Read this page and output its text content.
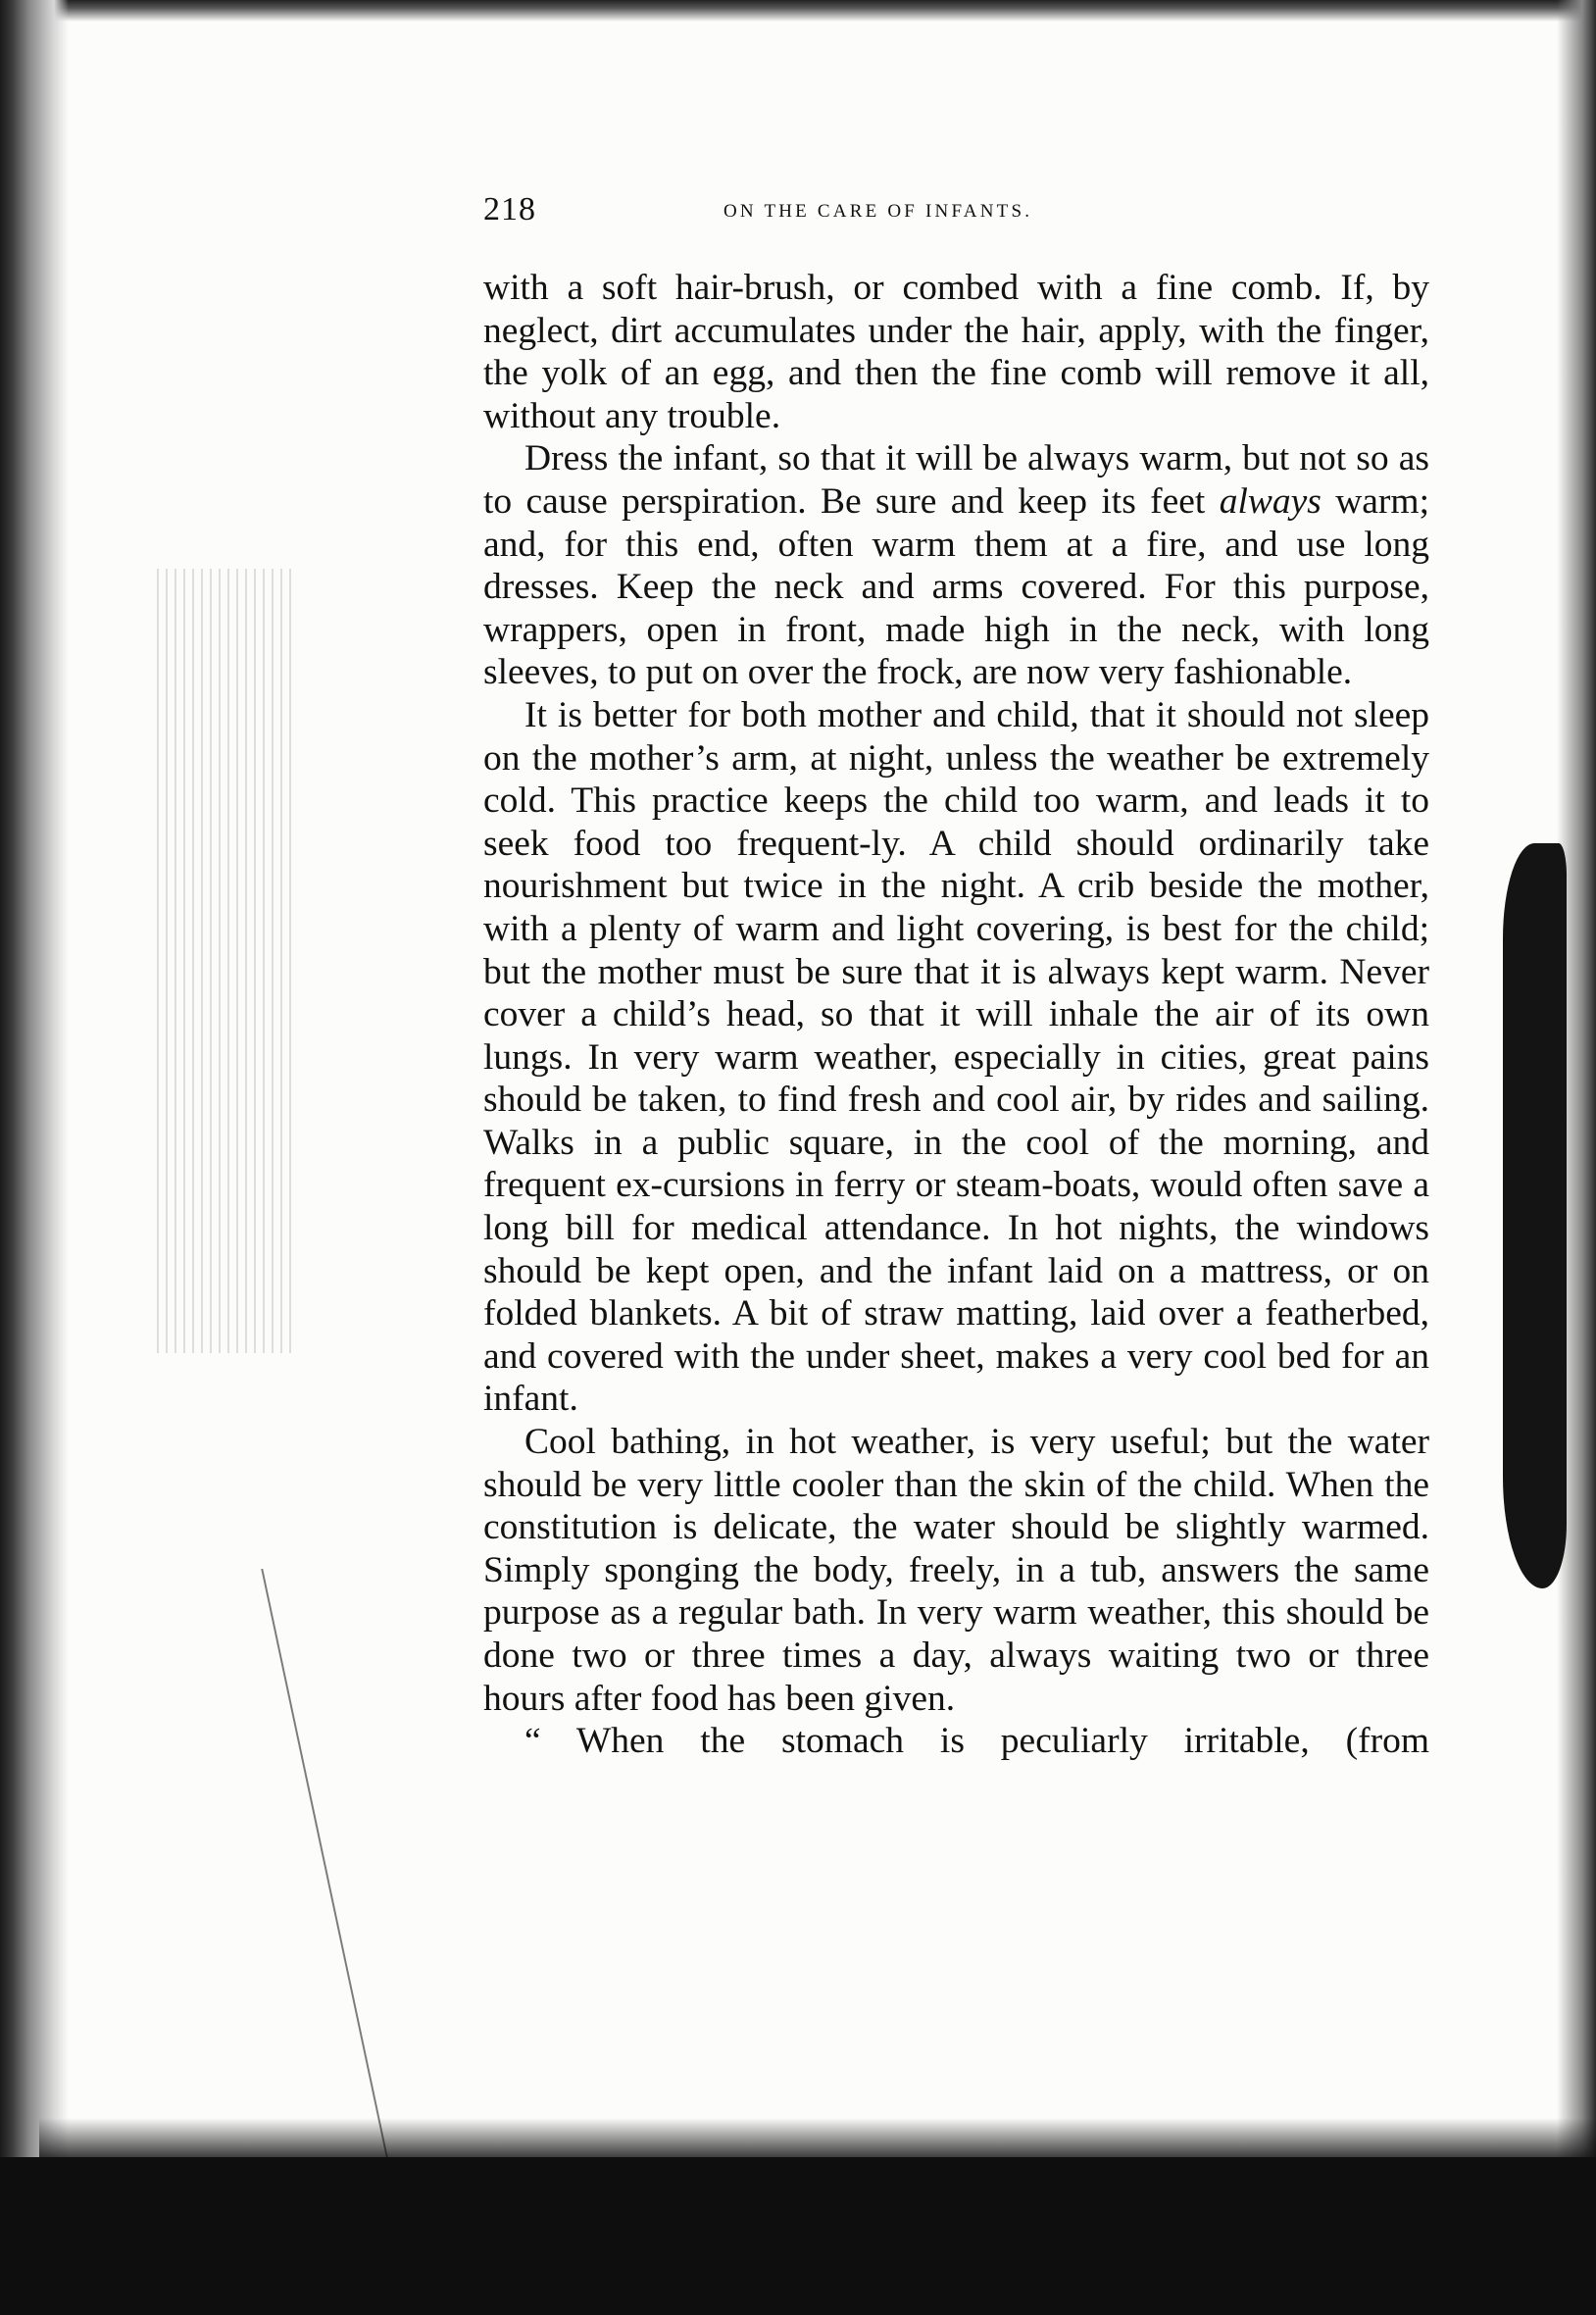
218	ON THE CARE OF INFANTS.

with a soft hair-brush, or combed with a fine comb. If, by neglect, dirt accumulates under the hair, apply, with the finger, the yolk of an egg, and then the fine comb will remove it all, without any trouble.

Dress the infant, so that it will be always warm, but not so as to cause perspiration. Be sure and keep its feet always warm; and, for this end, often warm them at a fire, and use long dresses. Keep the neck and arms covered. For this purpose, wrappers, open in front, made high in the neck, with long sleeves, to put on over the frock, are now very fashionable.

It is better for both mother and child, that it should not sleep on the mother’s arm, at night, unless the weather be extremely cold. This practice keeps the child too warm, and leads it to seek food too frequent-ly. A child should ordinarily take nourishment but twice in the night. A crib beside the mother, with a plenty of warm and light covering, is best for the child; but the mother must be sure that it is always kept warm. Never cover a child’s head, so that it will inhale the air of its own lungs. In very warm weather, especially in cities, great pains should be taken, to find fresh and cool air, by rides and sailing. Walks in a public square, in the cool of the morning, and frequent ex-cursions in ferry or steam-boats, would often save a long bill for medical attendance. In hot nights, the windows should be kept open, and the infant laid on a mattress, or on folded blankets. A bit of straw matting, laid over a featherbed, and covered with the under sheet, makes a very cool bed for an infant.

Cool bathing, in hot weather, is very useful; but the water should be very little cooler than the skin of the child. When the constitution is delicate, the water should be slightly warmed. Simply sponging the body, freely, in a tub, answers the same purpose as a regular bath. In very warm weather, this should be done two or three times a day, always waiting two or three hours after food has been given.

“ When the stomach is peculiarly irritable, (from
